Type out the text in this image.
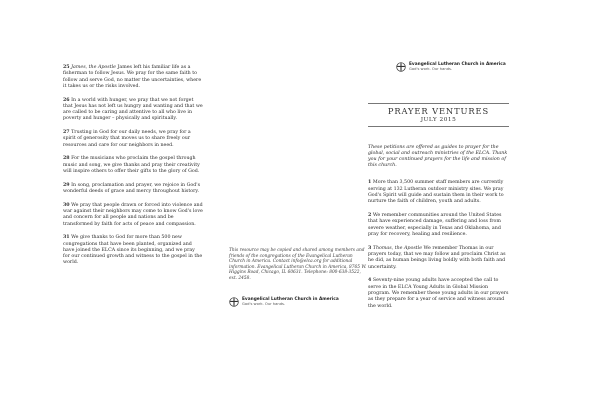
25 James, the Apostle James left his familiar life as a fisherman to follow Jesus. We pray for the same faith to follow and serve God, no matter the uncertainties, where it takes us or the risks involved.

26 In a world with hunger, we pray that we not forget that Jesus has not left us hungry and wanting and that we are called to be caring and attentive to all who live in poverty and hunger – physically and spiritually.

27 Trusting in God for our daily needs, we pray for a spirit of generosity that moves us to share freely our resources and care for our neighbors in need.

28 For the musicians who proclaim the gospel through music and song, we give thanks and pray their creativity will inspire others to offer their gifts to the glory of God.

29 In song, proclamation and prayer, we rejoice in God's wonderful deeds of grace and mercy throughout history.

30 We pray that people drawn or forced into violence and war against their neighbors may come to know God's love and concern for all people and nations and be transformed by faith for acts of peace and compassion.

31 We give thanks to God for more than 500 new congregations that have been planted, organized and have joined the ELCA since its beginning, and we pray for our continued growth and witness to the gospel in the world.

This resource may be copied and shared among members and friends of the congregations of the Evangelical Lutheran Church in America. Contact info@elca.org for additional information. Evangelical Lutheran Church in America, 8765 W. Higgins Road, Chicago, IL 60631. Telephone: 800-638-3522, ext. 2458.

Evangelical Lutheran Church in America
God's work. Our hands.
Evangelical Lutheran Church in America
God's work. Our hands.
PRAYER VENTURES
JULY 2015

These petitions are offered as guides to prayer for the global, social and outreach ministries of the ELCA. Thank you for your continued prayers for the life and mission of this church.

1 More than 3,500 summer staff members are currently serving at 132 Lutheran outdoor ministry sites. We pray God's Spirit will guide and sustain them in their work to nurture the faith of children, youth and adults.

2 We remember communities around the United States that have experienced damage, suffering and loss from severe weather, especially in Texas and Oklahoma, and pray for recovery, healing and resilience.

3 Thomas, the Apostle We remember Thomas in our prayers today, that we may follow and proclaim Christ as he did, as human beings living boldly with both faith and uncertainty.

4 Seventy-nine young adults have accepted the call to serve in the ELCA Young Adults in Global Mission program. We remember these young adults in our prayers as they prepare for a year of service and witness around the world.
